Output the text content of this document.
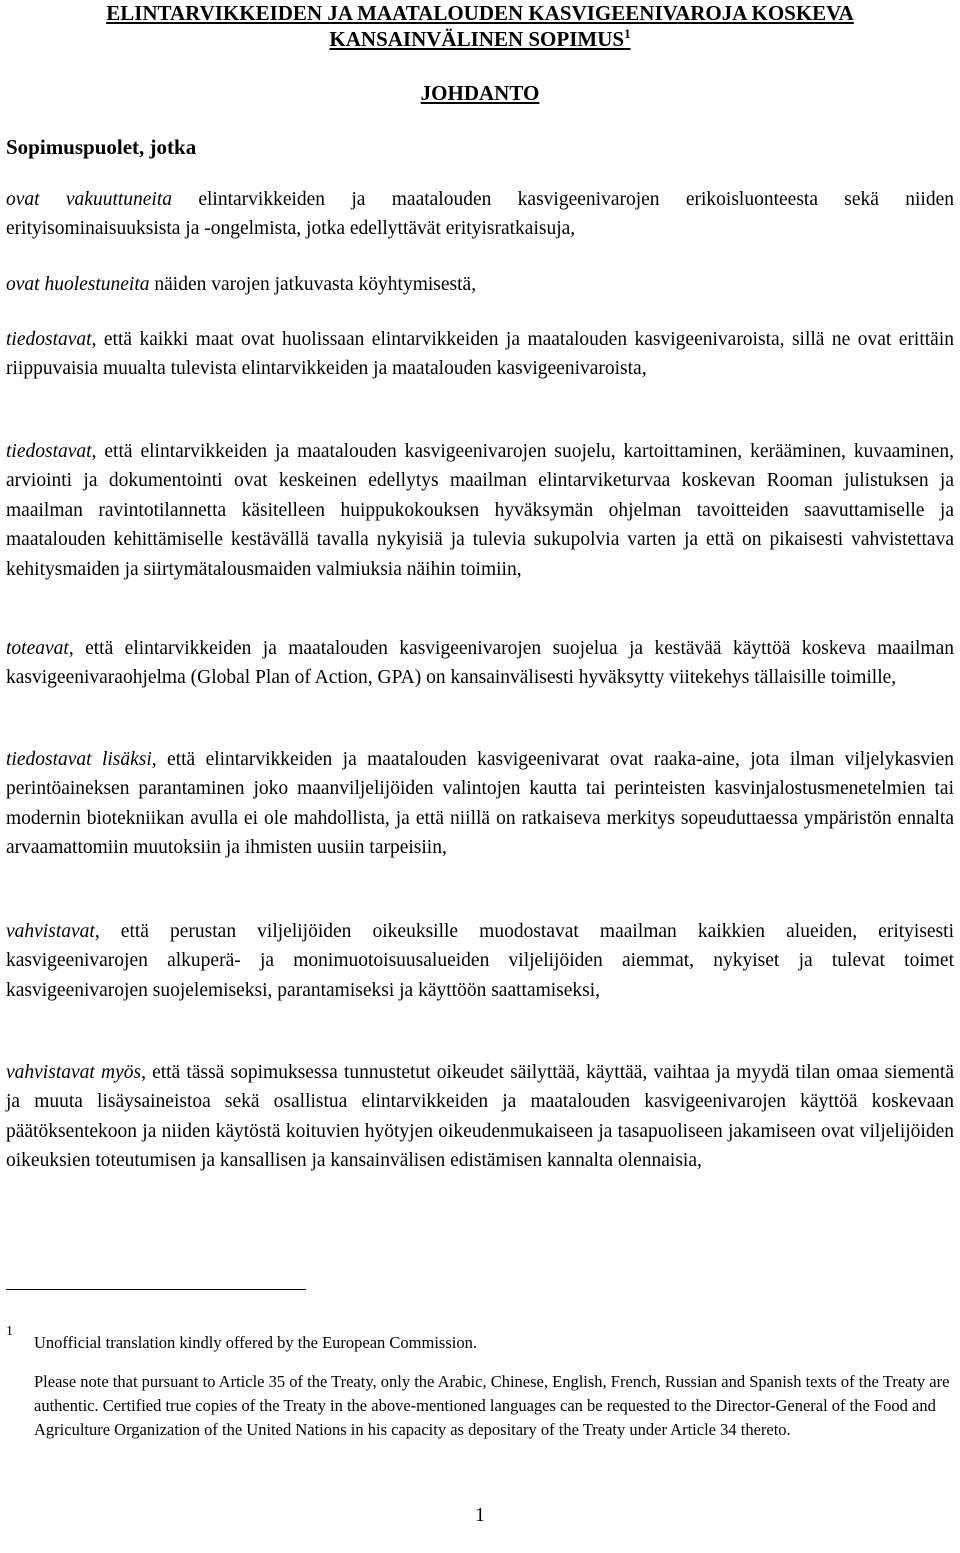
ELINTARVIKKEIDEN JA MAATALOUDEN KASVIGEENIVAROJA KOSKEVA
KANSAINVÄLINEN SOPIMUS$^1$
JOHDANTO
Sopimuspuolet, jotka

ovat vakuuttuneita elintarvikkeiden ja maatalouden kasvigeenivarojen erikoisluonteesta sekä niiden erityisominaisuuksista ja -ongelmista, jotka edellyttävät erityisratkaisuja,

ovat huolestuneita näiden varojen jatkuvasta köyhtymisestä,

tiedostavat, että kaikki maat ovat huolissaan elintarvikkeiden ja maatalouden kasvigeenivaroista, sillä ne ovat erittäin riippuvaisia muualta tulevista elintarvikkeiden ja maatalouden kasvigeenivaroista,

tiedostavat, että elintarvikkeiden ja maatalouden kasvigeenivarojen suojelu, kartoittaminen, kerääminen, kuvaaminen, arviointi ja dokumentointi ovat keskeinen edellytys maailman elintarviketurvaa koskevan Rooman julistuksen ja maailman ravintotilannetta käsitelleen huippukokouksen hyväksymän ohjelman tavoitteiden saavuttamiselle ja maatalouden kehittämiselle kestävällä tavalla nykyisiä ja tulevia sukupolvia varten ja että on pikaisesti vahvistettava kehitysmaiden ja siirtymätalousmaiden valmiuksia näihin toimiin,

toteavat, että elintarvikkeiden ja maatalouden kasvigeenivarojen suojelua ja kestävää käyttöä koskeva maailman kasvigeenivaraohjelma (Global Plan of Action, GPA) on kansainvälisesti hyväksytty viitekehys tällaisille toimille,

tiedostavat lisäksi, että elintarvikkeiden ja maatalouden kasvigeenivarat ovat raaka-aine, jota ilman viljelykasvien perintöaineksen parantaminen joko maanviljelijöiden valintojen kautta tai perinteisten kasvinjalostusmenetelmien tai modernin biotekniikan avulla ei ole mahdollista, ja että niillä on ratkaiseva merkitys sopeuduttaessa ympäristön ennalta arvaamattomiin muutoksiin ja ihmisten uusiin tarpeisiin,

vahvistavat, että perustan viljelijöiden oikeuksille muodostavat maailman kaikkien alueiden, erityisesti kasvigeenivarojen alkuperä- ja monimuotoisuusalueiden viljelijöiden aiemmat, nykyiset ja tulevat toimet kasvigeenivarojen suojelemiseksi, parantamiseksi ja käyttöön saattamiseksi,

vahvistavat myös, että tässä sopimuksessa tunnustetut oikeudet säilyttää, käyttää, vaihtaa ja myydä tilan omaa siementä ja muuta lisäysaineistoa sekä osallistua elintarvikkeiden ja maatalouden kasvigeenivarojen käyttöä koskevaan päätöksentekoon ja niiden käytöstä koituvien hyötyjen oikeudenmukaiseen ja tasapuoliseen jakamiseen ovat viljelijöiden oikeuksien toteutumisen ja kansallisen ja kansainvälisen edistämisen kannalta olennaisia,

1
Unofficial translation kindly offered by the European Commission.

Please note that pursuant to Article 35 of the Treaty, only the Arabic, Chinese, English, French, Russian and Spanish texts of the Treaty are authentic. Certified true copies of the Treaty in the above-mentioned languages can be requested to the Director-General of the Food and Agriculture Organization of the United Nations in his capacity as depositary of the Treaty under Article 34 thereto.

1
